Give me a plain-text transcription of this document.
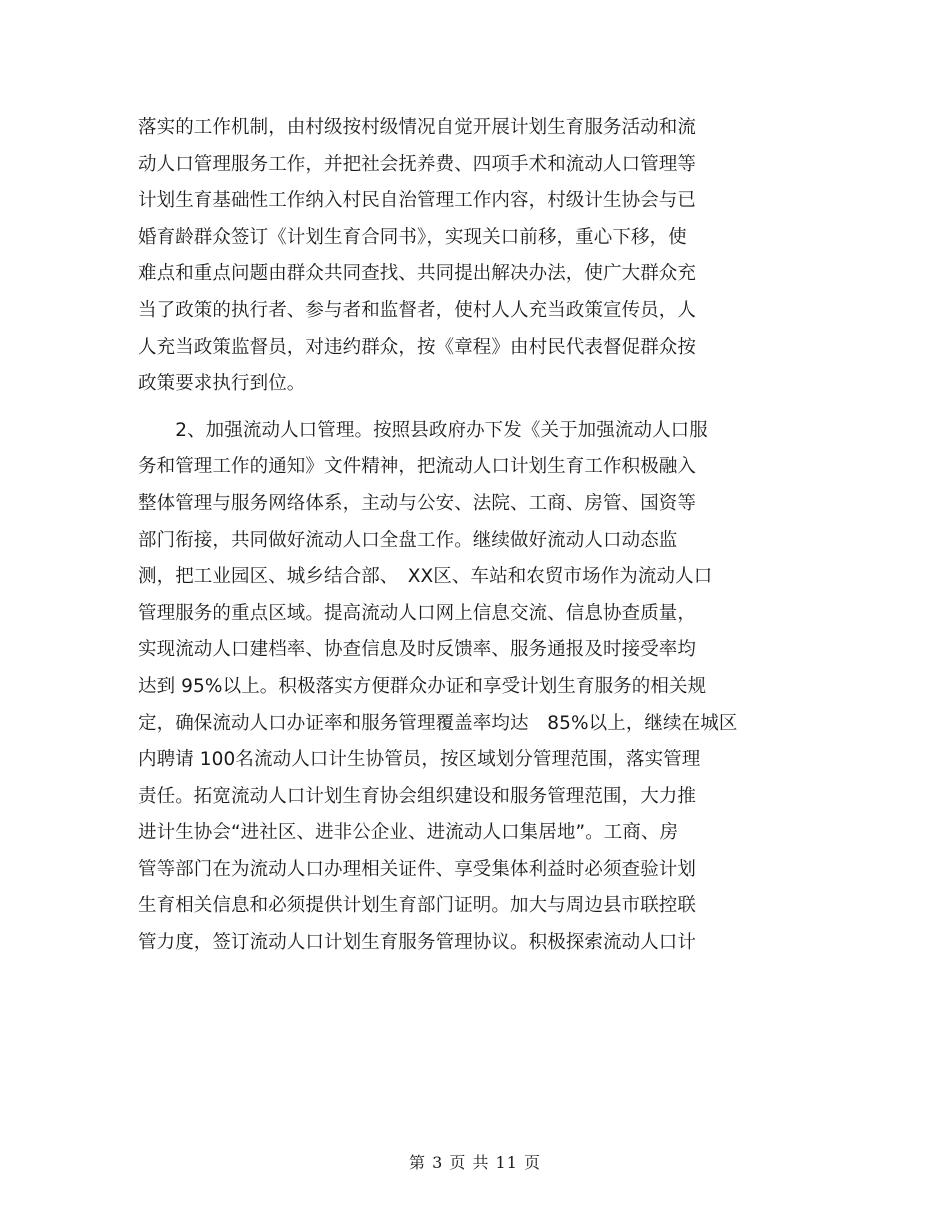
落实的工作机制，由村级按村级情况自觉开展计划生育服务活动和流
动人口管理服务工作，并把社会抚养费、四项手术和流动人口管理等
计划生育基础性工作纳入村民自治管理工作内容，村级计生协会与已
婚育龄群众签订《计划生育合同书》，实现关口前移，重心下移，使
难点和重点问题由群众共同查找、共同提出解决办法，使广大群众充
当了政策的执行者、参与者和监督者，使村人人充当政策宣传员，人
人充当政策监督员，对违约群众，按《章程》由村民代表督促群众按
政策要求执行到位。
　　2、加强流动人口管理。按照县政府办下发《关于加强流动人口服
务和管理工作的通知》文件精神，把流动人口计划生育工作积极融入
整体管理与服务网络体系，主动与公安、法院、工商、房管、国资等
部门衔接，共同做好流动人口全盘工作。继续做好流动人口动态监
测，把工业园区、城乡结合部、　XX区、车站和农贸市场作为流动人口
管理服务的重点区域。提高流动人口网上信息交流、信息协查质量，
实现流动人口建档率、协查信息及时反馈率、服务通报及时接受率均
达到 95%以上。积极落实方便群众办证和享受计划生育服务的相关规
定，确保流动人口办证率和服务管理覆盖率均达　85%以上，继续在城区
内聘请 100名流动人口计生协管员，按区域划分管理范围，落实管理
责任。拓宽流动人口计划生育协会组织建设和服务管理范围，大力推
进计生协会“进社区、进非公企业、进流动人口集居地”。工商、房
管等部门在为流动人口办理相关证件、享受集体利益时必须查验计划
生育相关信息和必须提供计划生育部门证明。加大与周边县市联控联
管力度，签订流动人口计划生育服务管理协议。积极探索流动人口计
第 3 页 共 11 页
